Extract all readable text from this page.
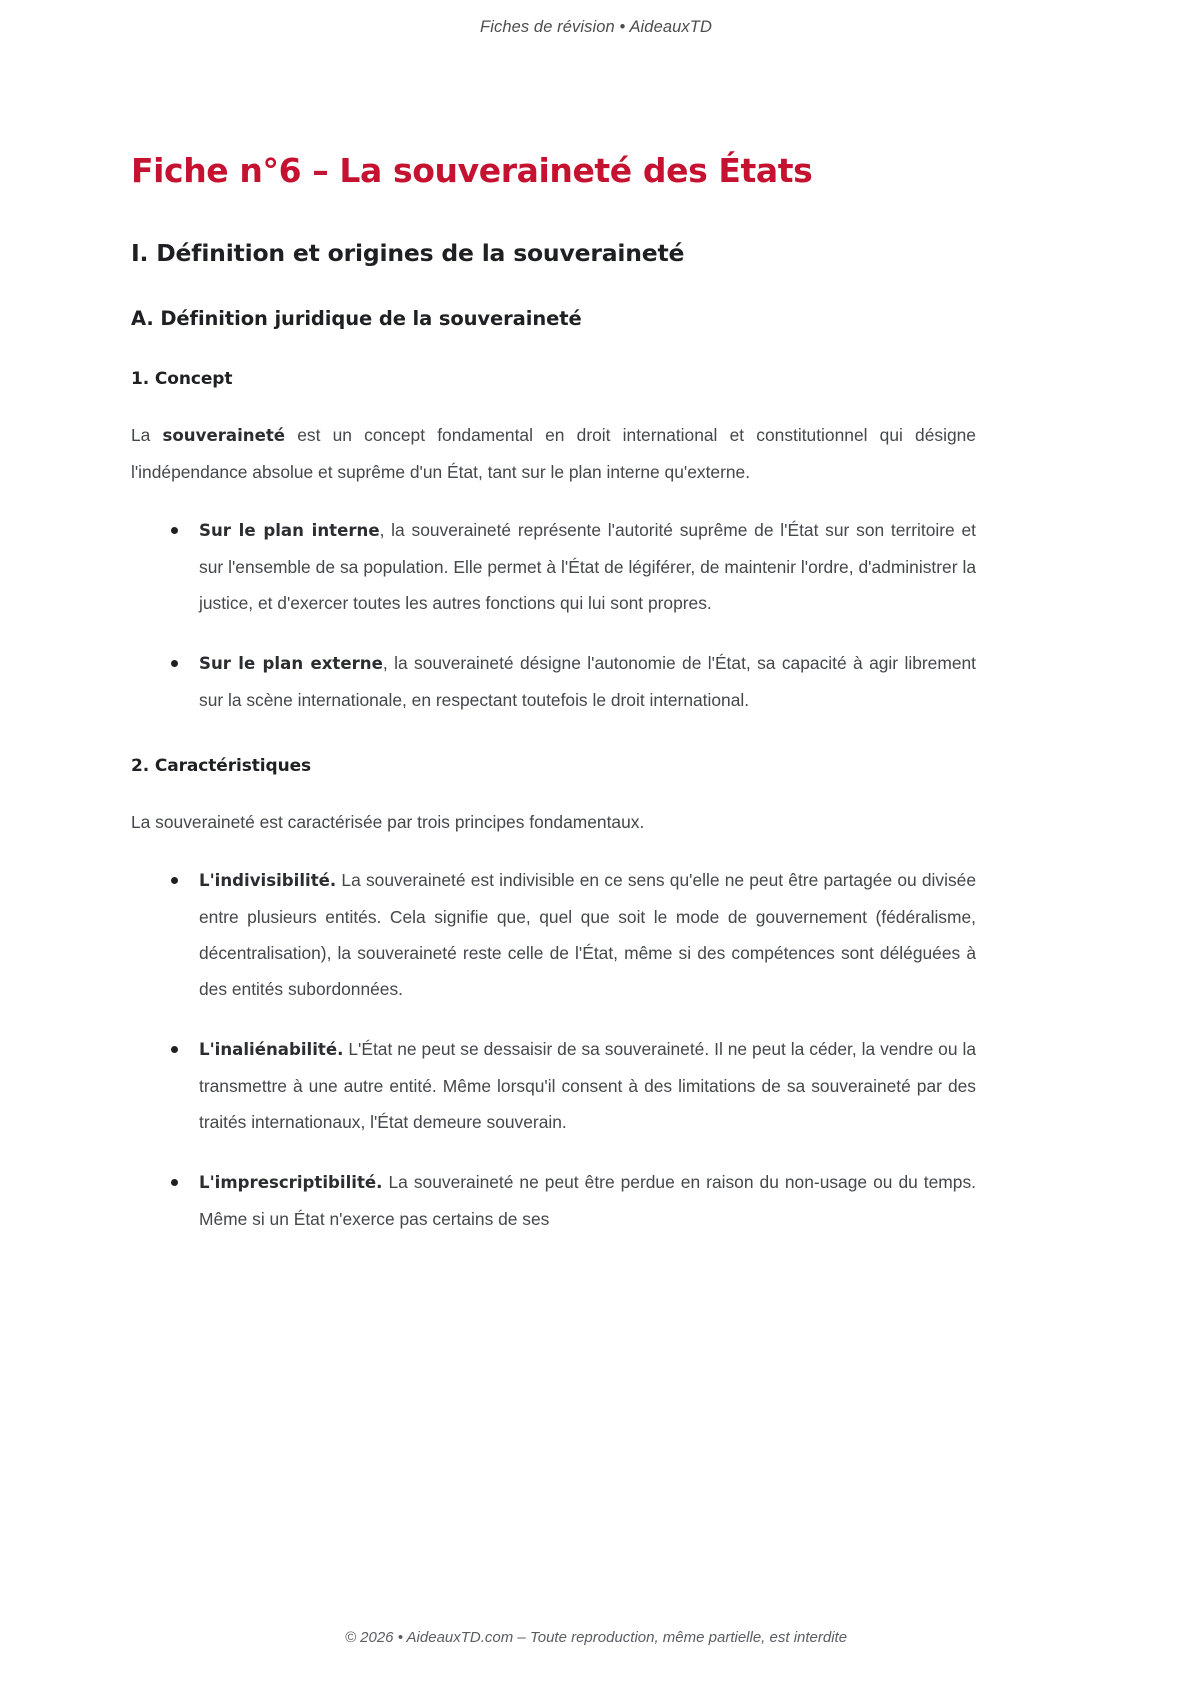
Fiches de révision • AideauxTD
Fiche n°6 – La souveraineté des États
I. Définition et origines de la souveraineté
A. Définition juridique de la souveraineté
1. Concept

La souveraineté est un concept fondamental en droit international et constitutionnel qui désigne l'indépendance absolue et suprême d'un État, tant sur le plan interne qu'externe.

Sur le plan interne, la souveraineté représente l'autorité suprême de l'État sur son territoire et sur l'ensemble de sa population. Elle permet à l'État de légiférer, de maintenir l'ordre, d'administrer la justice, et d'exercer toutes les autres fonctions qui lui sont propres.
Sur le plan externe, la souveraineté désigne l'autonomie de l'État, sa capacité à agir librement sur la scène internationale, en respectant toutefois le droit international.
2. Caractéristiques

La souveraineté est caractérisée par trois principes fondamentaux.

L'indivisibilité. La souveraineté est indivisible en ce sens qu'elle ne peut être partagée ou divisée entre plusieurs entités. Cela signifie que, quel que soit le mode de gouvernement (fédéralisme, décentralisation), la souveraineté reste celle de l'État, même si des compétences sont déléguées à des entités subordonnées.
L'inaliénabilité. L'État ne peut se dessaisir de sa souveraineté. Il ne peut la céder, la vendre ou la transmettre à une autre entité. Même lorsqu'il consent à des limitations de sa souveraineté par des traités internationaux, l'État demeure souverain.
L'imprescriptibilité. La souveraineté ne peut être perdue en raison du non-usage ou du temps. Même si un État n'exerce pas certains de ses
© 2026 • AideauxTD.com – Toute reproduction, même partielle, est interdite
